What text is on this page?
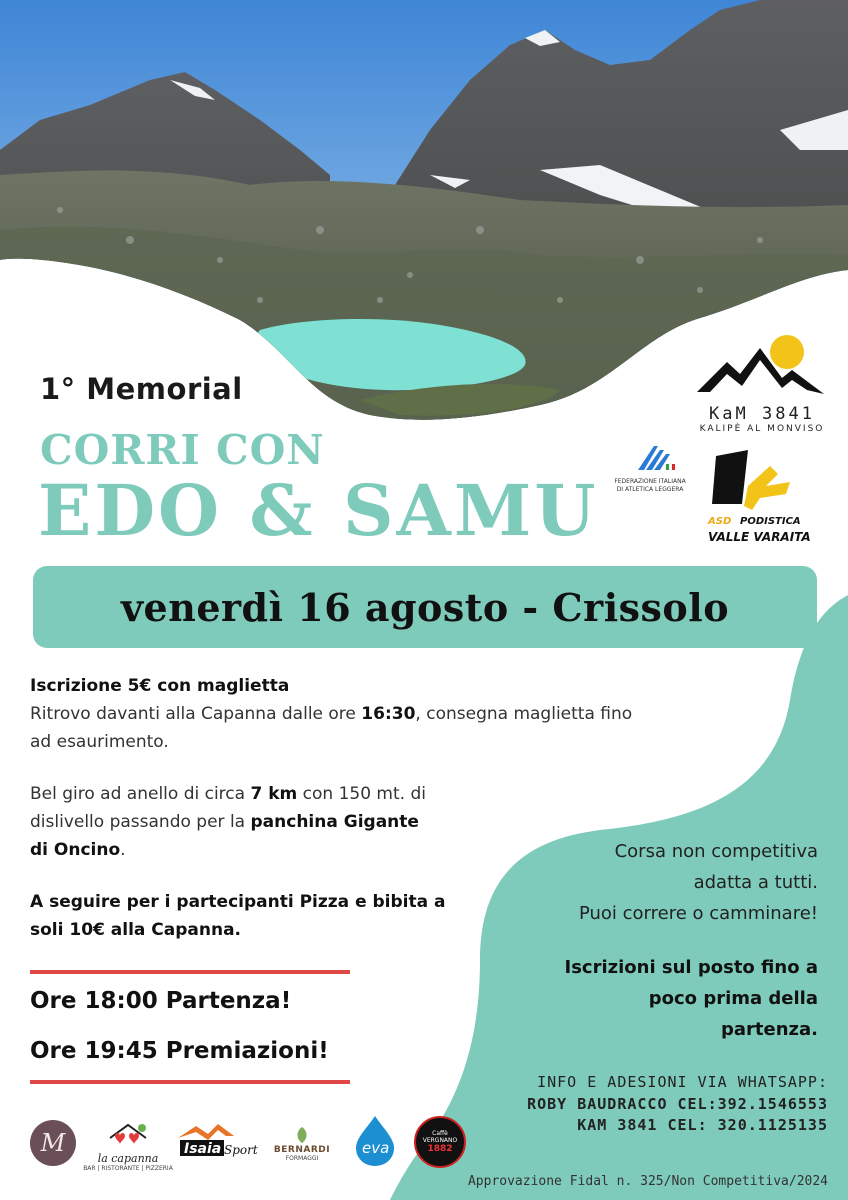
KaM 3841
KALIPÈ AL MONVISO
FEDERAZIONE ITALIANA
DI ATLETICA LEGGERA
1980
ASD PODISTICA
VALLE VARAITA
1° Memorial
CORRI CON
EDO & SAMU
venerdì 16 agosto - Crissolo
Iscrizione 5€ con maglietta
Ritrovo davanti alla Capanna dalle ore 16:30, consegna maglietta fino
ad esaurimento.
Bel giro ad anello di circa 7 km con 150 mt. di
dislivello passando per la panchina Gigante
di Oncino.
A seguire per i partecipanti Pizza e bibita a
soli 10€ alla Capanna.
Ore 18:00 Partenza!
Ore 19:45 Premiazioni!
Corsa non competitiva
adatta a tutti.
Puoi correre o camminare!
Iscrizioni sul posto fino a
poco prima della
partenza.
INFO E ADESIONI VIA WHATSAPP:
ROBY BAUDRACCO CEL:392.1546553
KAM 3841 CEL: 320.1125135
Approvazione Fidal n. 325/Non Competitiva/2024
M
la capanna
BAR | RISTORANTE | PIZZERIA
Isaia Sport BERNARDI
FORMAGGI
eva
Caffè VERGNANO
1882
